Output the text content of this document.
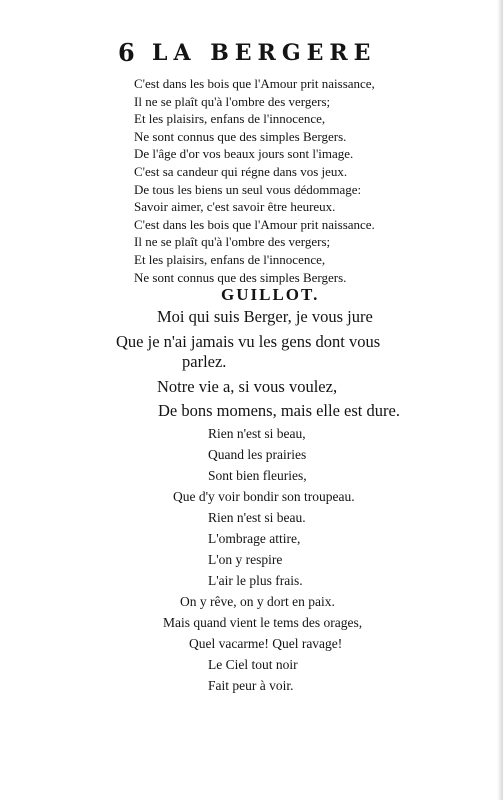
6 LA BERGERE
C'est dans les bois que l'Amour prit naissance,
Il ne se plaît qu'à l'ombre des vergers;
Et les plaisirs, enfans de l'innocence,
Ne sont connus que des simples Bergers.
De l'âge d'or vos beaux jours sont l'image.
C'est sa candeur qui régne dans vos jeux.
De tous les biens un seul vous dédommage:
Savoir aimer, c'est savoir être heureux.
C'est dans les bois que l'Amour prit naissance.
Il ne se plaît qu'à l'ombre des vergers;
Et les plaisirs, enfans de l'innocence,
Ne sont connus que des simples Bergers.
GUILLOT.
Moi qui suis Berger, je vous jure
Que je n'ai jamais vu les gens dont vous
parlez.
Notre vie a, si vous voulez,
De bons momens, mais elle est dure.
Rien n'est si beau,
Quand les prairies
Sont bien fleuries,
Que d'y voir bondir son troupeau.
Rien n'est si beau.
L'ombrage attire,
L'on y respire
L'air le plus frais.
On y rêve, on y dort en paix.
Mais quand vient le tems des orages,
Quel vacarme! Quel ravage!
Le Ciel tout noir
Fait peur à voir.
